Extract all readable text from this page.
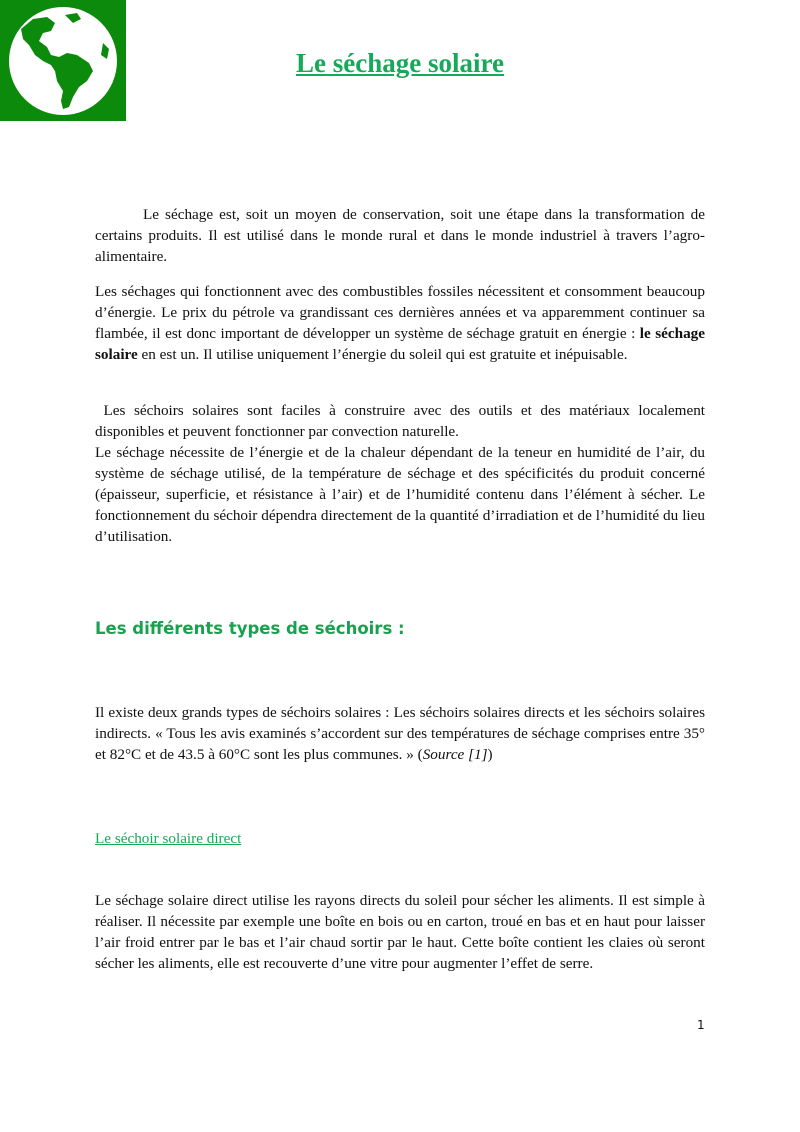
Le séchage solaire

Le séchage est, soit un moyen de conservation, soit une étape dans la transformation de certains produits. Il est utilisé dans le monde rural et dans le monde industriel à travers l’agro-alimentaire.

Les séchages qui fonctionnent avec des combustibles fossiles nécessitent et consomment beaucoup d’énergie. Le prix du pétrole va grandissant ces dernières années et va apparemment continuer sa flambée, il est donc important de développer un système de séchage gratuit en énergie : le séchage solaire en est un. Il utilise uniquement l’énergie du soleil qui est gratuite et inépuisable.

Les séchoirs solaires sont faciles à construire avec des outils et des matériaux localement disponibles et peuvent fonctionner par convection naturelle.

Le séchage nécessite de l’énergie et de la chaleur dépendant de la teneur en humidité de l’air, du système de séchage utilisé, de la température de séchage et des spécificités du produit concerné (épaisseur, superficie, et résistance à l’air) et de l’humidité contenu dans l’élément à sécher. Le fonctionnement du séchoir dépendra directement de la quantité d’irradiation et de l’humidité du lieu d’utilisation.

Les différents types de séchoirs :

Il existe deux grands types de séchoirs solaires : Les séchoirs solaires directs et les séchoirs solaires indirects. « Tous les avis examinés s’accordent sur des températures de séchage comprises entre 35° et 82°C et de 43.5 à 60°C sont les plus communes. » (Source [1])

Le séchoir solaire direct

Le séchage solaire direct utilise les rayons directs du soleil pour sécher les aliments. Il est simple à réaliser. Il nécessite par exemple une boîte en bois ou en carton, troué en bas et en haut pour laisser l’air froid entrer par le bas et l’air chaud sortir par le haut. Cette boîte contient les claies où seront sécher les aliments, elle est recouverte d’une vitre pour augmenter l’effet de serre.

1
